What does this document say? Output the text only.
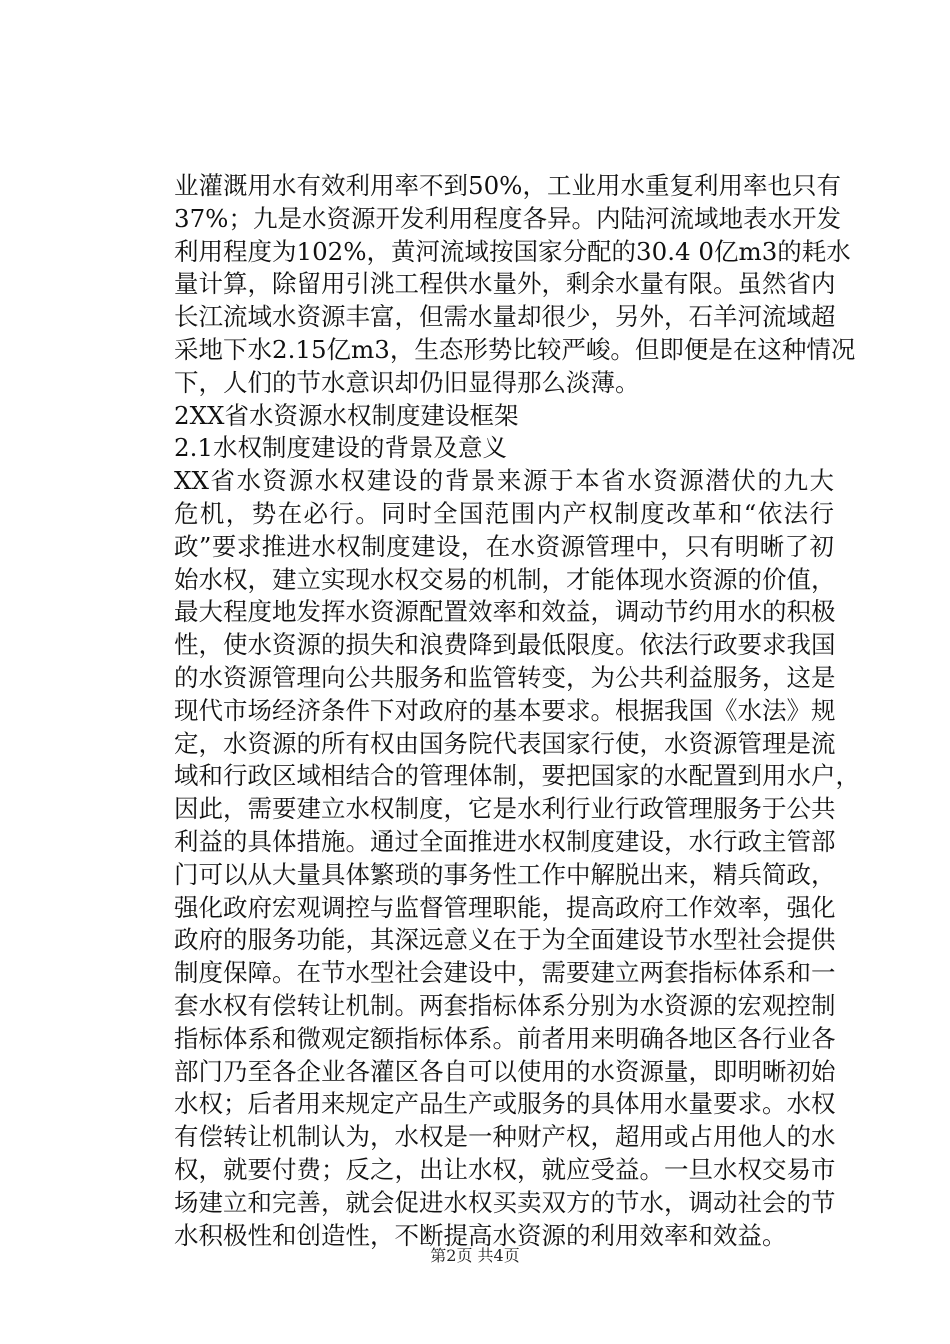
业灌溉用水有效利用率不到50%，工业用水重复利用率也只有
37%；九是水资源开发利用程度各异。内陆河流域地表水开发
利用程度为102%，黄河流域按国家分配的30.4 0亿m3的耗水
量计算，除留用引洮工程供水量外，剩余水量有限。虽然省内
长江流域水资源丰富，但需水量却很少，另外，石羊河流域超
采地下水2.15亿m3，生态形势比较严峻。但即便是在这种情况
下，人们的节水意识却仍旧显得那么淡薄。
2XX省水资源水权制度建设框架
2.1水权制度建设的背景及意义
XX省水资源水权建设的背景来源于本省水资源潜伏的九大
危机，势在必行。同时全国范围内产权制度改革和“依法行
政”要求推进水权制度建设，在水资源管理中，只有明晰了初
始水权，建立实现水权交易的机制，才能体现水资源的价值，
最大程度地发挥水资源配置效率和效益，调动节约用水的积极
性，使水资源的损失和浪费降到最低限度。依法行政要求我国
的水资源管理向公共服务和监管转变，为公共利益服务，这是
现代市场经济条件下对政府的基本要求。根据我国《水法》规
定，水资源的所有权由国务院代表国家行使，水资源管理是流
域和行政区域相结合的管理体制，要把国家的水配置到用水户，
因此，需要建立水权制度，它是水利行业行政管理服务于公共
利益的具体措施。通过全面推进水权制度建设，水行政主管部
门可以从大量具体繁琐的事务性工作中解脱出来，精兵简政，
强化政府宏观调控与监督管理职能，提高政府工作效率，强化
政府的服务功能，其深远意义在于为全面建设节水型社会提供
制度保障。在节水型社会建设中，需要建立两套指标体系和一
套水权有偿转让机制。两套指标体系分别为水资源的宏观控制
指标体系和微观定额指标体系。前者用来明确各地区各行业各
部门乃至各企业各灌区各自可以使用的水资源量，即明晰初始
水权；后者用来规定产品生产或服务的具体用水量要求。水权
有偿转让机制认为，水权是一种财产权，超用或占用他人的水
权，就要付费；反之，出让水权，就应受益。一旦水权交易市
场建立和完善，就会促进水权买卖双方的节水，调动社会的节
水积极性和创造性，不断提高水资源的利用效率和效益。
第2页 共4页
